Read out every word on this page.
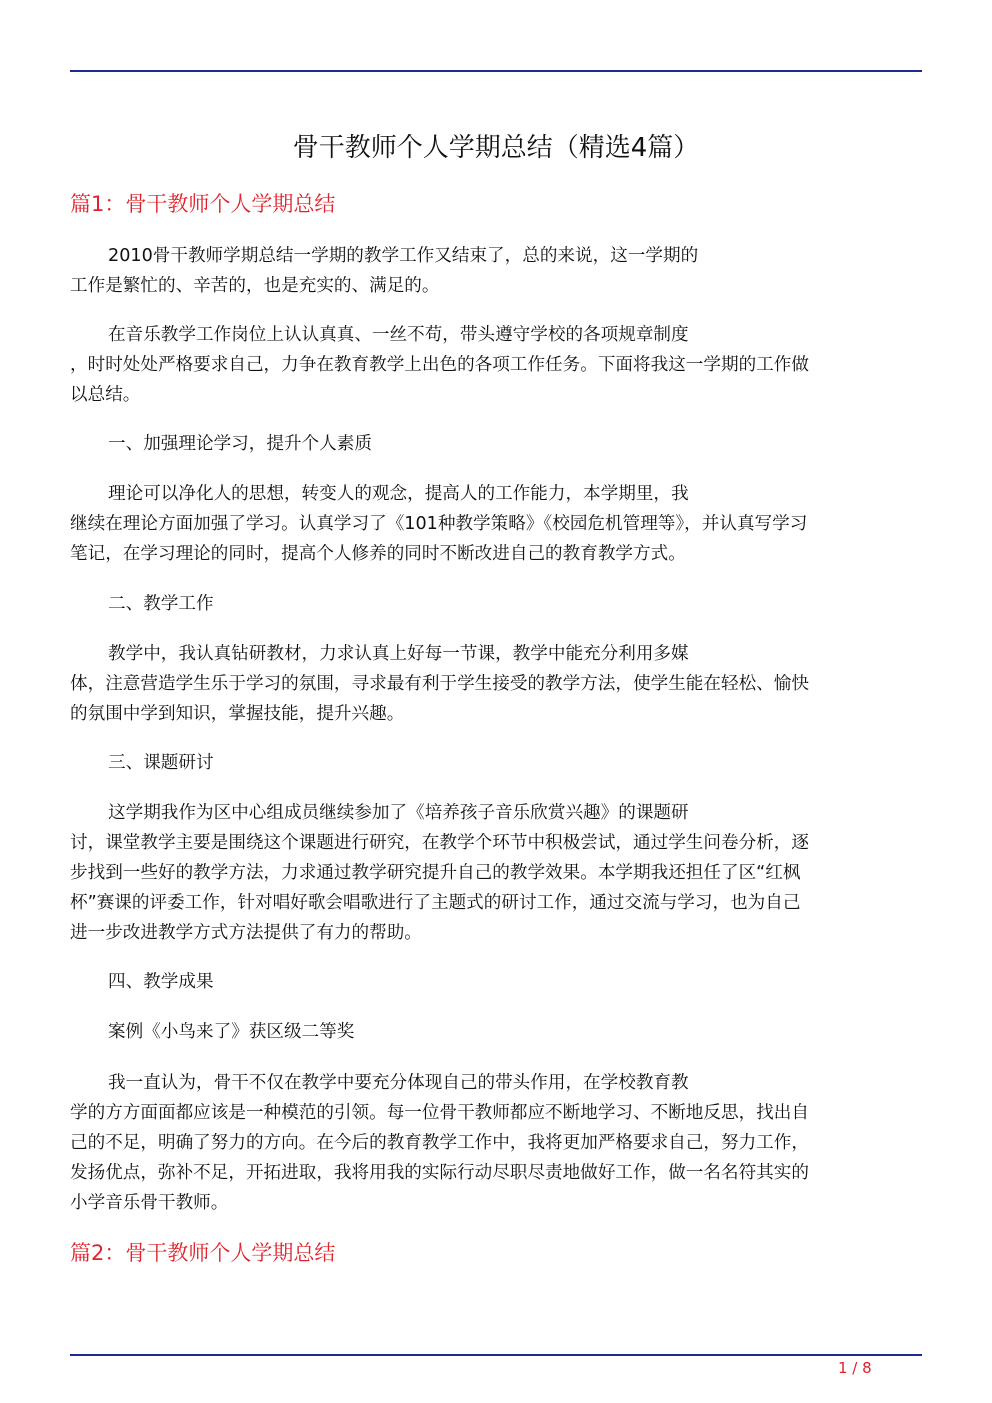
骨干教师个人学期总结（精选4篇）
篇1：骨干教师个人学期总结
2010骨干教师学期总结一学期的教学工作又结束了，总的来说，这一学期的
工作是繁忙的、辛苦的，也是充实的、满足的。
在音乐教学工作岗位上认认真真、一丝不苟，带头遵守学校的各项规章制度
，时时处处严格要求自己，力争在教育教学上出色的各项工作任务。下面将我这一学期的工作做
以总结。
一、加强理论学习，提升个人素质
理论可以净化人的思想，转变人的观念，提高人的工作能力，本学期里，我
继续在理论方面加强了学习。认真学习了《101种教学策略》《校园危机管理等》，并认真写学习
笔记，在学习理论的同时，提高个人修养的同时不断改进自己的教育教学方式。
二、教学工作
教学中，我认真钻研教材，力求认真上好每一节课，教学中能充分利用多媒
体，注意营造学生乐于学习的氛围，寻求最有利于学生接受的教学方法，使学生能在轻松、愉快
的氛围中学到知识，掌握技能，提升兴趣。
三、课题研讨
这学期我作为区中心组成员继续参加了《培养孩子音乐欣赏兴趣》的课题研
讨，课堂教学主要是围绕这个课题进行研究，在教学个环节中积极尝试，通过学生问卷分析，逐
步找到一些好的教学方法，力求通过教学研究提升自己的教学效果。本学期我还担任了区“红枫
杯”赛课的评委工作，针对唱好歌会唱歌进行了主题式的研讨工作，通过交流与学习，也为自己
进一步改进教学方式方法提供了有力的帮助。
四、教学成果
案例《小鸟来了》获区级二等奖
我一直认为，骨干不仅在教学中要充分体现自己的带头作用，在学校教育教
学的方方面面都应该是一种模范的引领。每一位骨干教师都应不断地学习、不断地反思，找出自
己的不足，明确了努力的方向。在今后的教育教学工作中，我将更加严格要求自己，努力工作，
发扬优点，弥补不足，开拓进取，我将用我的实际行动尽职尽责地做好工作，做一名名符其实的
小学音乐骨干教师。
篇2：骨干教师个人学期总结
1 / 8
